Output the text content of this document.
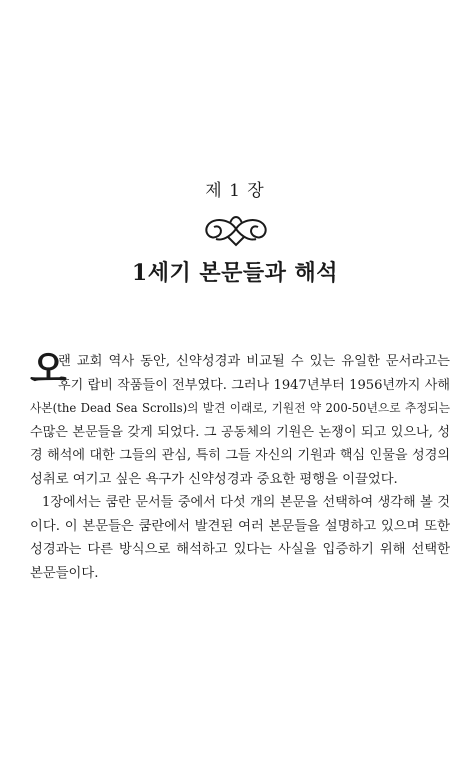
제 1 장
1세기 본문들과 해석
오
랜 교회 역사 동안, 신약성경과 비교될 수 있는 유일한 문서라고는
후기 랍비 작품들이 전부였다. 그러나 1947년부터 1956년까지 사해
사본(the Dead Sea Scrolls)의 발견 이래로, 기원전 약 200-50년으로 추정되는
수많은 본문들을 갖게 되었다. 그 공동체의 기원은 논쟁이 되고 있으나, 성
경 해석에 대한 그들의 관심, 특히 그들 자신의 기원과 핵심 인물을 성경의
성취로 여기고 싶은 욕구가 신약성경과 중요한 평행을 이끌었다.
1장에서는 쿰란 문서들 중에서 다섯 개의 본문을 선택하여 생각해 볼 것
이다. 이 본문들은 쿰란에서 발견된 여러 본문들을 설명하고 있으며 또한
성경과는 다른 방식으로 해석하고 있다는 사실을 입증하기 위해 선택한
본문들이다.
